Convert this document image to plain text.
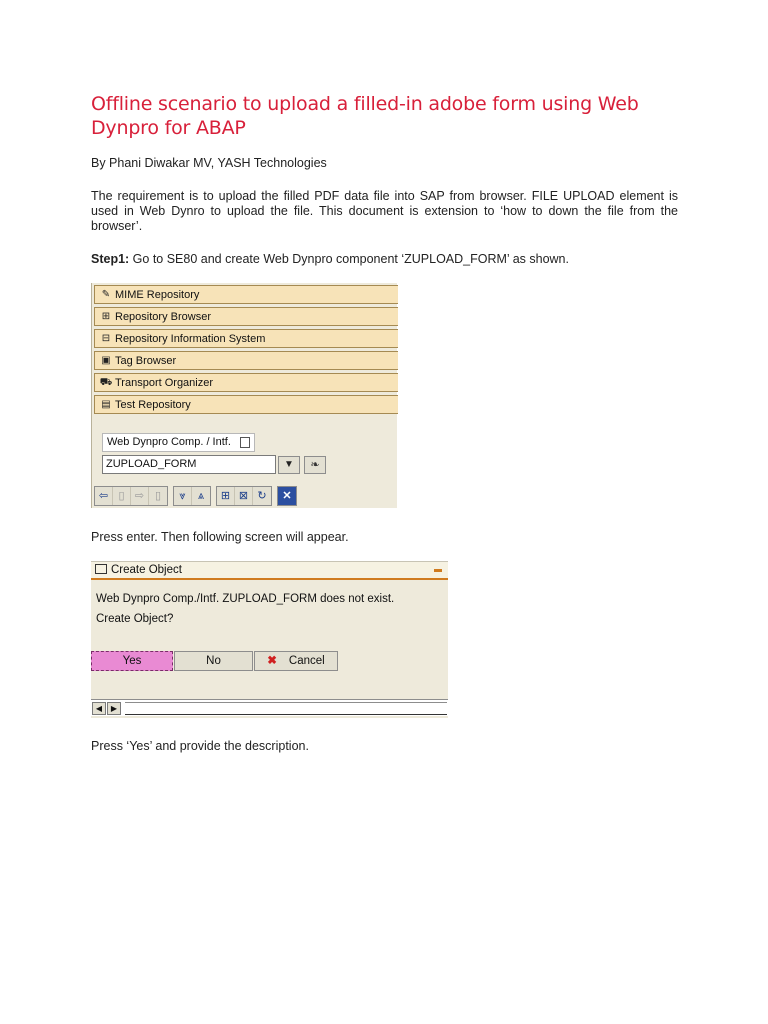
Offline scenario to upload a filled-in adobe form using Web Dynpro for ABAP
By Phani Diwakar MV, YASH Technologies
The requirement is to upload the filled PDF data file into SAP from browser. FILE UPLOAD element is used in Web Dynro to upload the file. This document is extension to ‘how to down the file from the browser’.
Step1: Go to SE80 and create Web Dynpro component ‘ZUPLOAD_FORM’ as shown.
✎ MIME Repository
⊞ Repository Browser
⊟ Repository Information System
▣ Tag Browser
⛟ Transport Organizer
▤ Test Repository
Web Dynpro Comp. / Intf.
ZUPLOAD_FORM	▼	❧
⇦ ▯ ⇨ ▯	⩔	⩓	⊞ ⊠ ↻	✕
Press enter. Then following screen will appear.
Create Object
Web Dynpro Comp./Intf. ZUPLOAD_FORM does not exist.
Create Object?
Yes	No	✖ Cancel
◀	▶
Press ‘Yes’ and provide the description.
